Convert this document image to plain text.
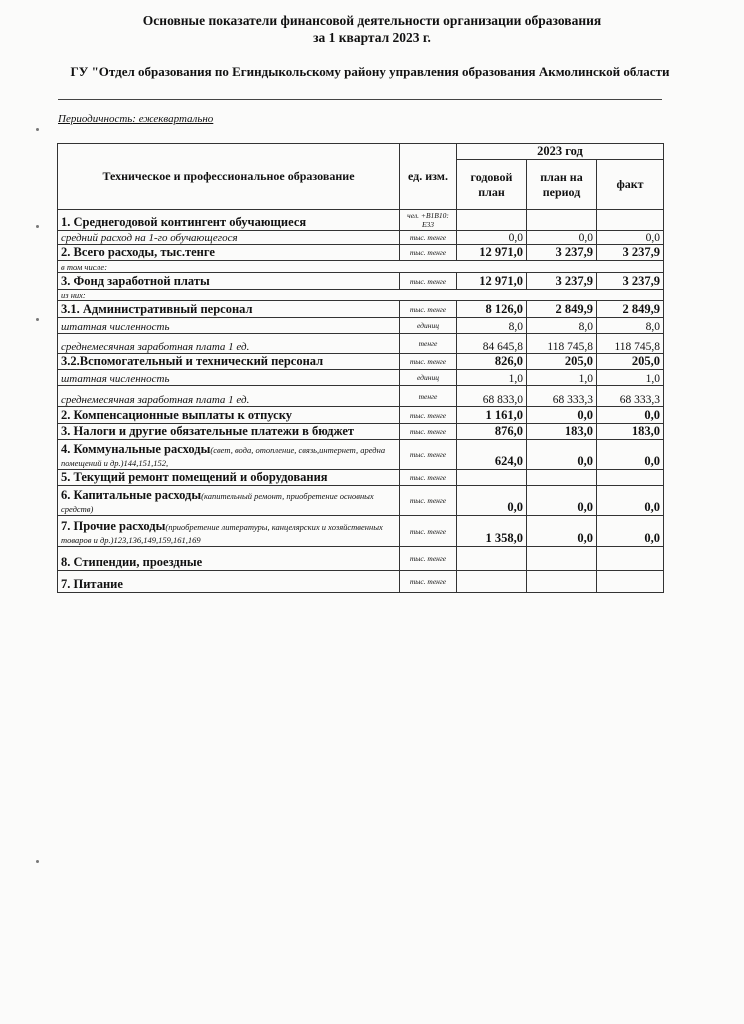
Основные показатели финансовой деятельности организации образования
за 1 квартал 2023 г.
ГУ "Отдел образования по Егиндыкольскому району управления образования Акмолинской области
Периодичность: ежеквартально
Техническое и профессиональное образование	ед. изм.	2023 год		
		годовой план	план на период	факт
1. Среднегодовой контингент обучающиеся	чел. +В1В10: Е33			
средний расход на 1-го обучающегося	тыс. тенге	0,0	0,0	0,0
2. Всего расходы, тыс.тенге	тыс. тенге	12 971,0	3 237,9	3 237,9
в том числе:				
3. Фонд заработной платы	тыс. тенге	12 971,0	3 237,9	3 237,9
из них:				
3.1. Административный персонал	тыс. тенге	8 126,0	2 849,9	2 849,9
штатная численность	единиц	8,0	8,0	8,0
среднемесячная заработная плата 1 ед.	тенге	84 645,8	118 745,8	118 745,8
3.2.Вспомогательный и технический персонал	тыс. тенге	826,0	205,0	205,0
штатная численность	единиц	1,0	1,0	1,0
среднемесячная заработная плата 1 ед.	тенге	68 833,0	68 333,3	68 333,3
2. Компенсационные выплаты к отпуску	тыс. тенге	1 161,0	0,0	0,0
3. Налоги и другие обязательные платежи в бюджет	тыс. тенге	876,0	183,0	183,0
4. Коммунальные расходы(свет, вода, отопление, связь,интернет, аредна помещений и др.)144,151,152,	тыс. тенге	624,0	0,0	0,0
5. Текущий ремонт помещений и оборудования	тыс. тенге			
6. Капитальные расходы(капительный ремонт, приобретение основных средств)	тыс. тенге	0,0	0,0	0,0
7. Прочие расходы(приобретение литературы, канцелярских и хозяйственных товаров и др.)123,136,149,159,161,169	тыс. тенге	1 358,0	0,0	0,0
8. Стипендии, проездные	тыс. тенге			
7. Питание	тыс. тенге			
